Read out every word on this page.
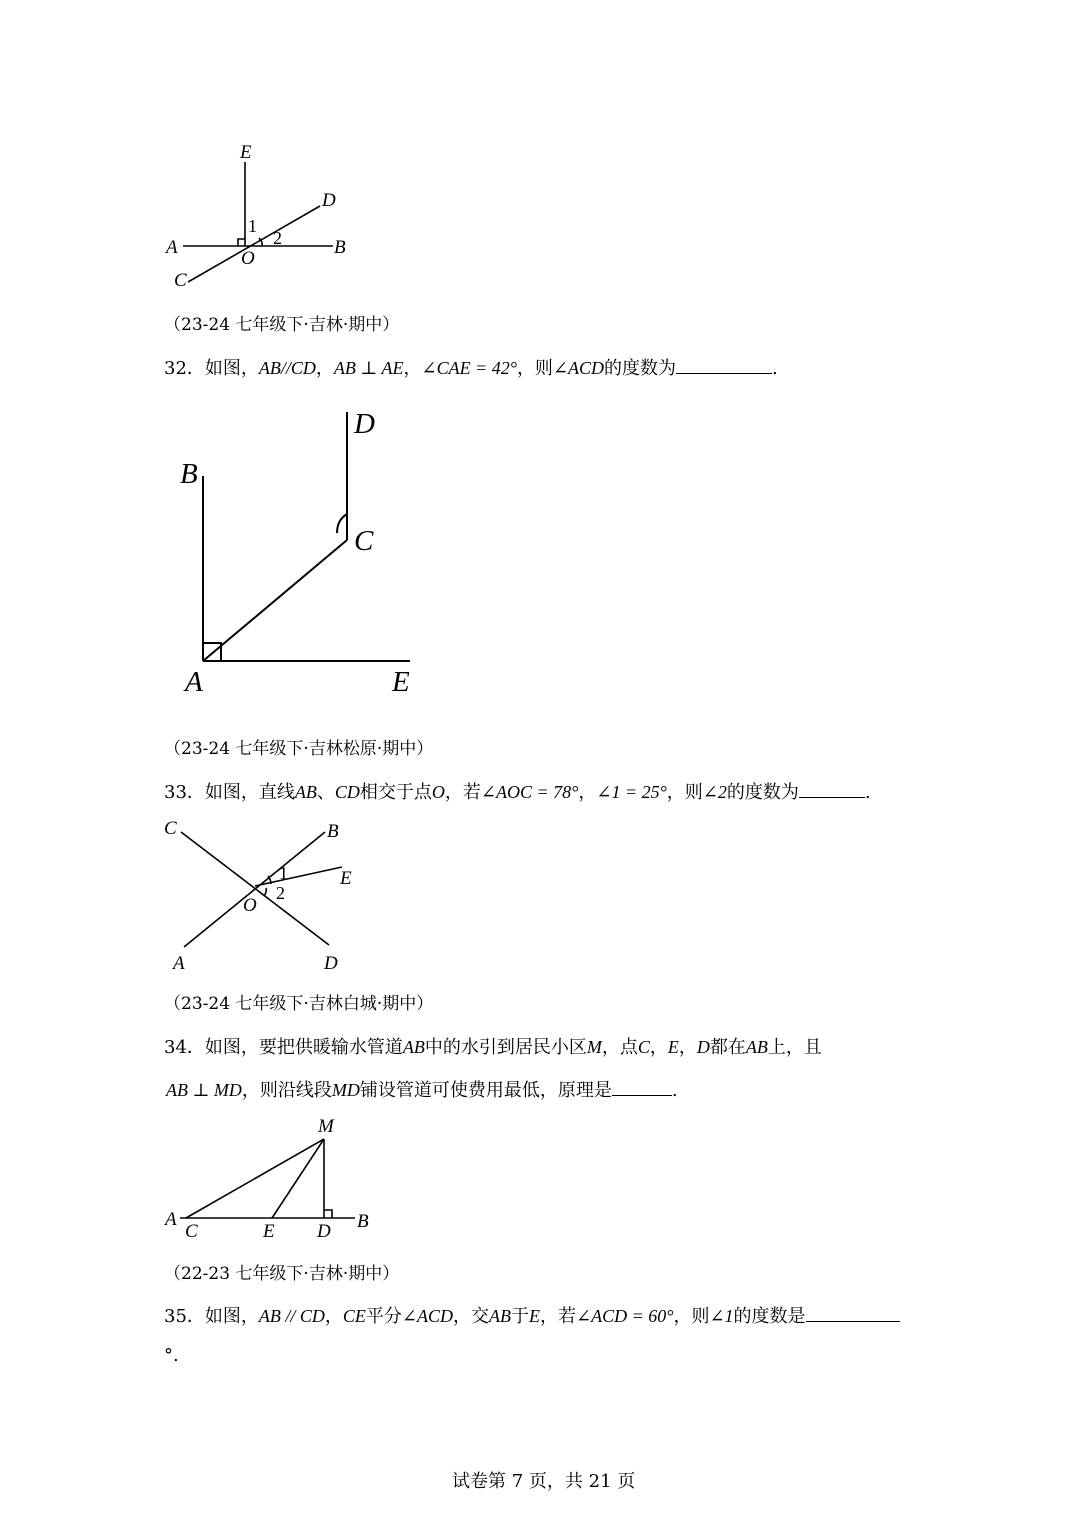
E
D
1
2
A	B
O
C
（23-24 七年级下·吉林·期中）
32．如图，AB//CD，AB ⊥ AE，∠CAE = 42°，则∠ACD的度数为	.
D
B
C
A	E
（23-24 七年级下·吉林松原·期中）
33．如图，直线AB、CD相交于点O，若∠AOC = 78°，∠1 = 25°，则∠2的度数为	.
C	B
1	E
2
O
A	D
（23-24 七年级下·吉林白城·期中）
34．如图，要把供暖输水管道AB中的水引到居民小区M，点C，E，D都在AB上，且
AB ⊥ MD，则沿线段MD铺设管道可使费用最低，原理是	.
M
A	B
C	E D
（22-23 七年级下·吉林·期中）
35．如图，AB // CD，CE平分∠ACD，交AB于E，若∠ACD = 60°，则∠1的度数是
°.
试卷第 7 页，共 21 页
